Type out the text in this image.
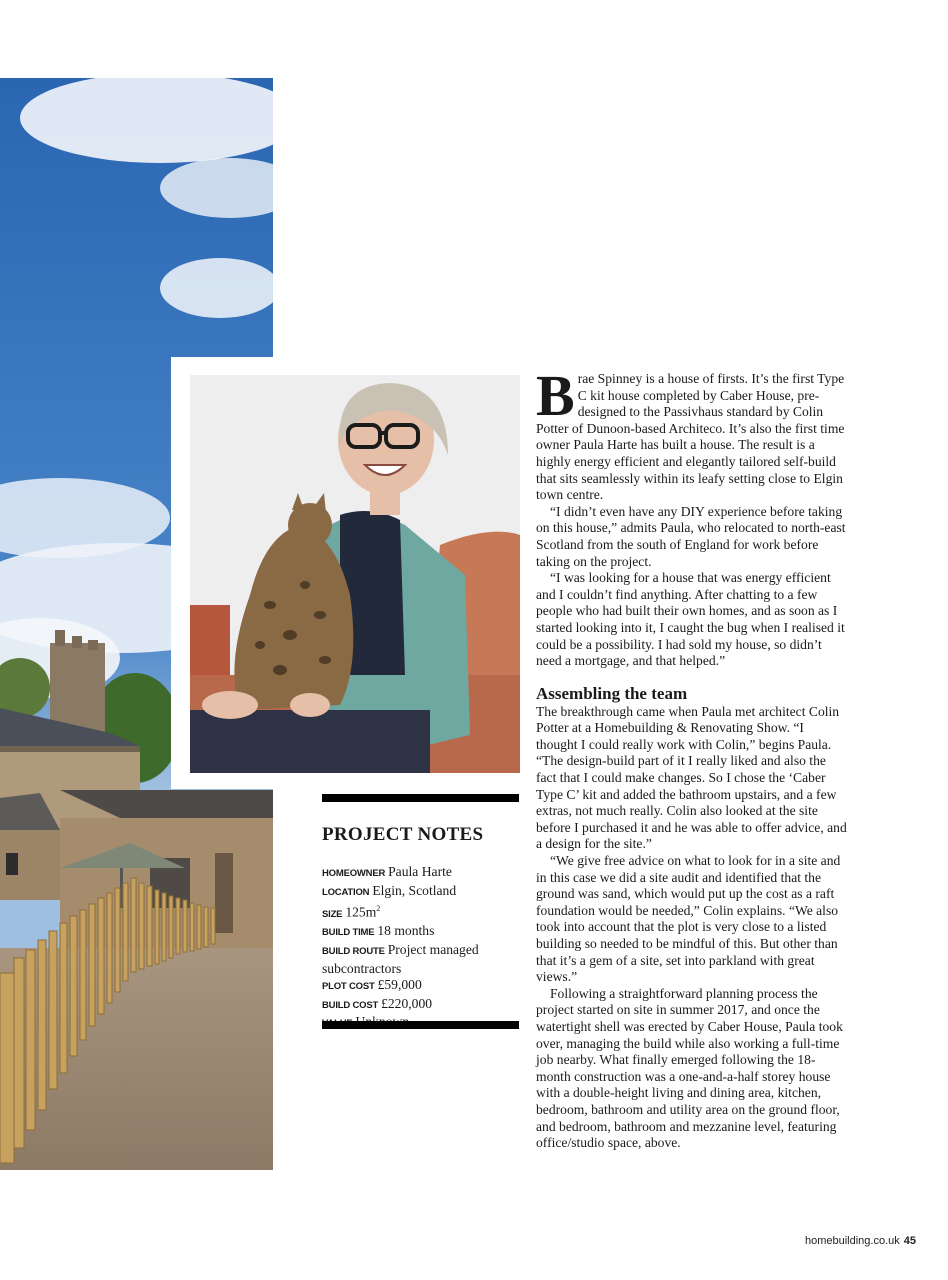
PROJECT NOTES
HOMEOWNER Paula Harte
LOCATION Elgin, Scotland
SIZE $125m^2$
BUILD TIME 18 months
BUILD ROUTE Project managed subcontractors
PLOT COST £59,000
BUILD COST £220,000

Brae Spinney is a house of firsts. It’s the first Type C kit house completed by Caber House, pre-designed to the Passivhaus standard by Colin Potter of Dunoon-based Architeco. It’s also the first time owner Paula Harte has built a house. The result is a highly energy efficient and elegantly tailored self-build that sits seamlessly within its leafy setting close to Elgin town centre.

“I didn’t even have any DIY experience before taking on this house,” admits Paula, who relocated to north-east Scotland from the south of England for work before taking on the project.

“I was looking for a house that was energy efficient and I couldn’t find anything. After chatting to a few people who had built their own homes, and as soon as I started looking into it, I caught the bug when I realised it could be a possibility. I had sold my house, so didn’t need a mortgage, and that helped.”

Assembling the team

The breakthrough came when Paula met architect Colin Potter at a Homebuilding & Renovating Show. “I thought I could really work with Colin,” begins Paula. “The design-build part of it I really liked and also the fact that I could make changes. So I chose the ‘Caber Type C’ kit and added the bathroom upstairs, and a few extras, not much really. Colin also looked at the site before I purchased it and he was able to offer advice, and a design for the site.”

“We give free advice on what to look for in a site and in this case we did a site audit and identified that the ground was sand, which would put up the cost as a raft foundation would be needed,” Colin explains. “We also took into account that the plot is very close to a listed building so needed to be mindful of this. But other than that it’s a gem of a site, set into parkland with great views.”

Following a straightforward planning process the project started on site in summer 2017, and once the watertight shell was erected by Caber House, Paula took over, managing the build while also working a full-time job nearby. What finally emerged following the 18-month construction was a one-and-a-half storey house with a double-height living and dining area, kitchen, bedroom, bathroom and utility area on the ground floor, and bedroom, bathroom and mezzanine level, featuring office/studio space, above.

homebuilding.co.uk 45
